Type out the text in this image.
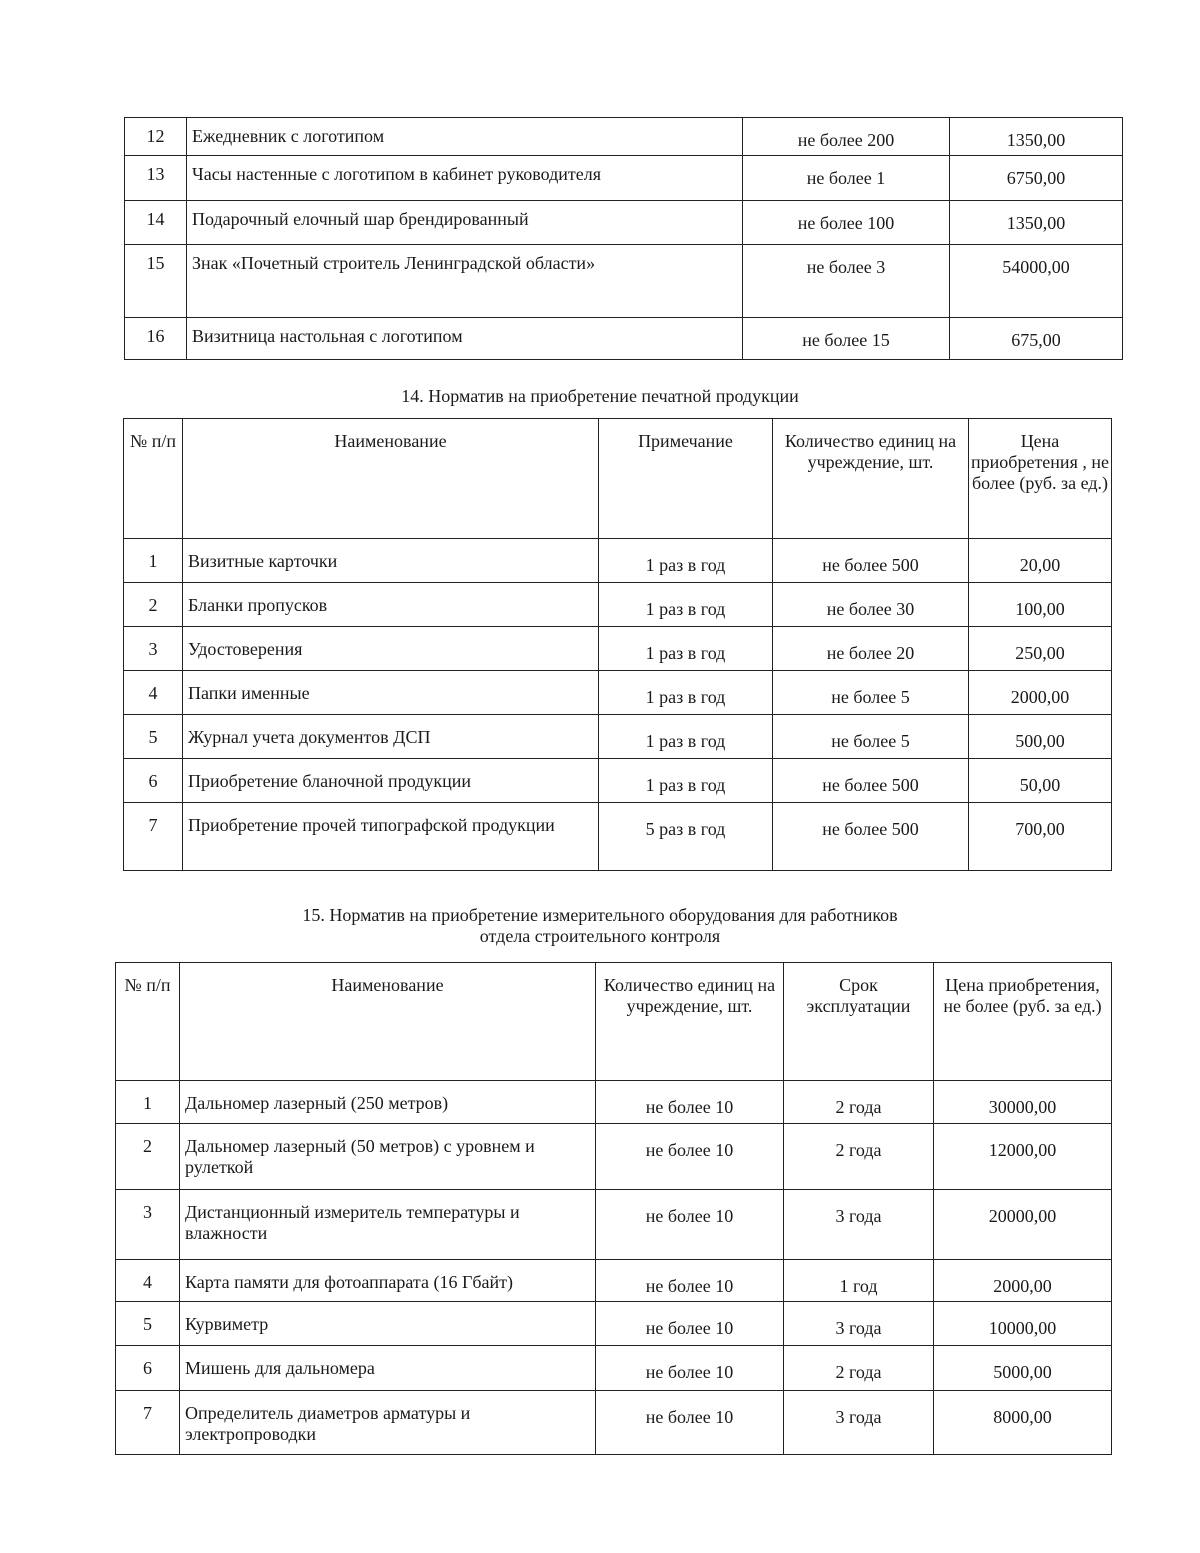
12	Ежедневник с логотипом	не более 200	1350,00
13	Часы настенные с логотипом в кабинет руководителя	не более 1	6750,00
14	Подарочный елочный шар брендированный	не более 100	1350,00
15	Знак «Почетный строитель Ленинградской области»	не более 3	54000,00
16	Визитница настольная с логотипом	не более 15	675,00
14. Норматив на приобретение печатной продукции
№ п/п	Наименование	Примечание	Количество единиц на учреждение, шт.	Цена приобретения , не более (руб. за ед.)
1	Визитные карточки	1 раз в год	не более 500	20,00
2	Бланки пропусков	1 раз в год	не более 30	100,00
3	Удостоверения	1 раз в год	не более 20	250,00
4	Папки именные	1 раз в год	не более 5	2000,00
5	Журнал учета документов ДСП	1 раз в год	не более 5	500,00
6	Приобретение бланочной продукции	1 раз в год	не более 500	50,00
7	Приобретение прочей типографской продукции	5 раз в год	не более 500	700,00
15. Норматив на приобретение измерительного оборудования для работников
отдела строительного контроля
№ п/п	Наименование	Количество единиц на учреждение, шт.	Срок эксплуатации	Цена приобретения, не более (руб. за ед.)
1	Дальномер лазерный (250 метров)	не более 10	2 года	30000,00
2	Дальномер лазерный (50 метров) с уровнем и рулеткой	не более 10	2 года	12000,00
3	Дистанционный измеритель температуры и влажности	не более 10	3 года	20000,00
4	Карта памяти для фотоаппарата (16 Гбайт)	не более 10	1 год	2000,00
5	Курвиметр	не более 10	3 года	10000,00
6	Мишень для дальномера	не более 10	2 года	5000,00
7	Определитель диаметров арматуры и электропроводки	не более 10	3 года	8000,00
